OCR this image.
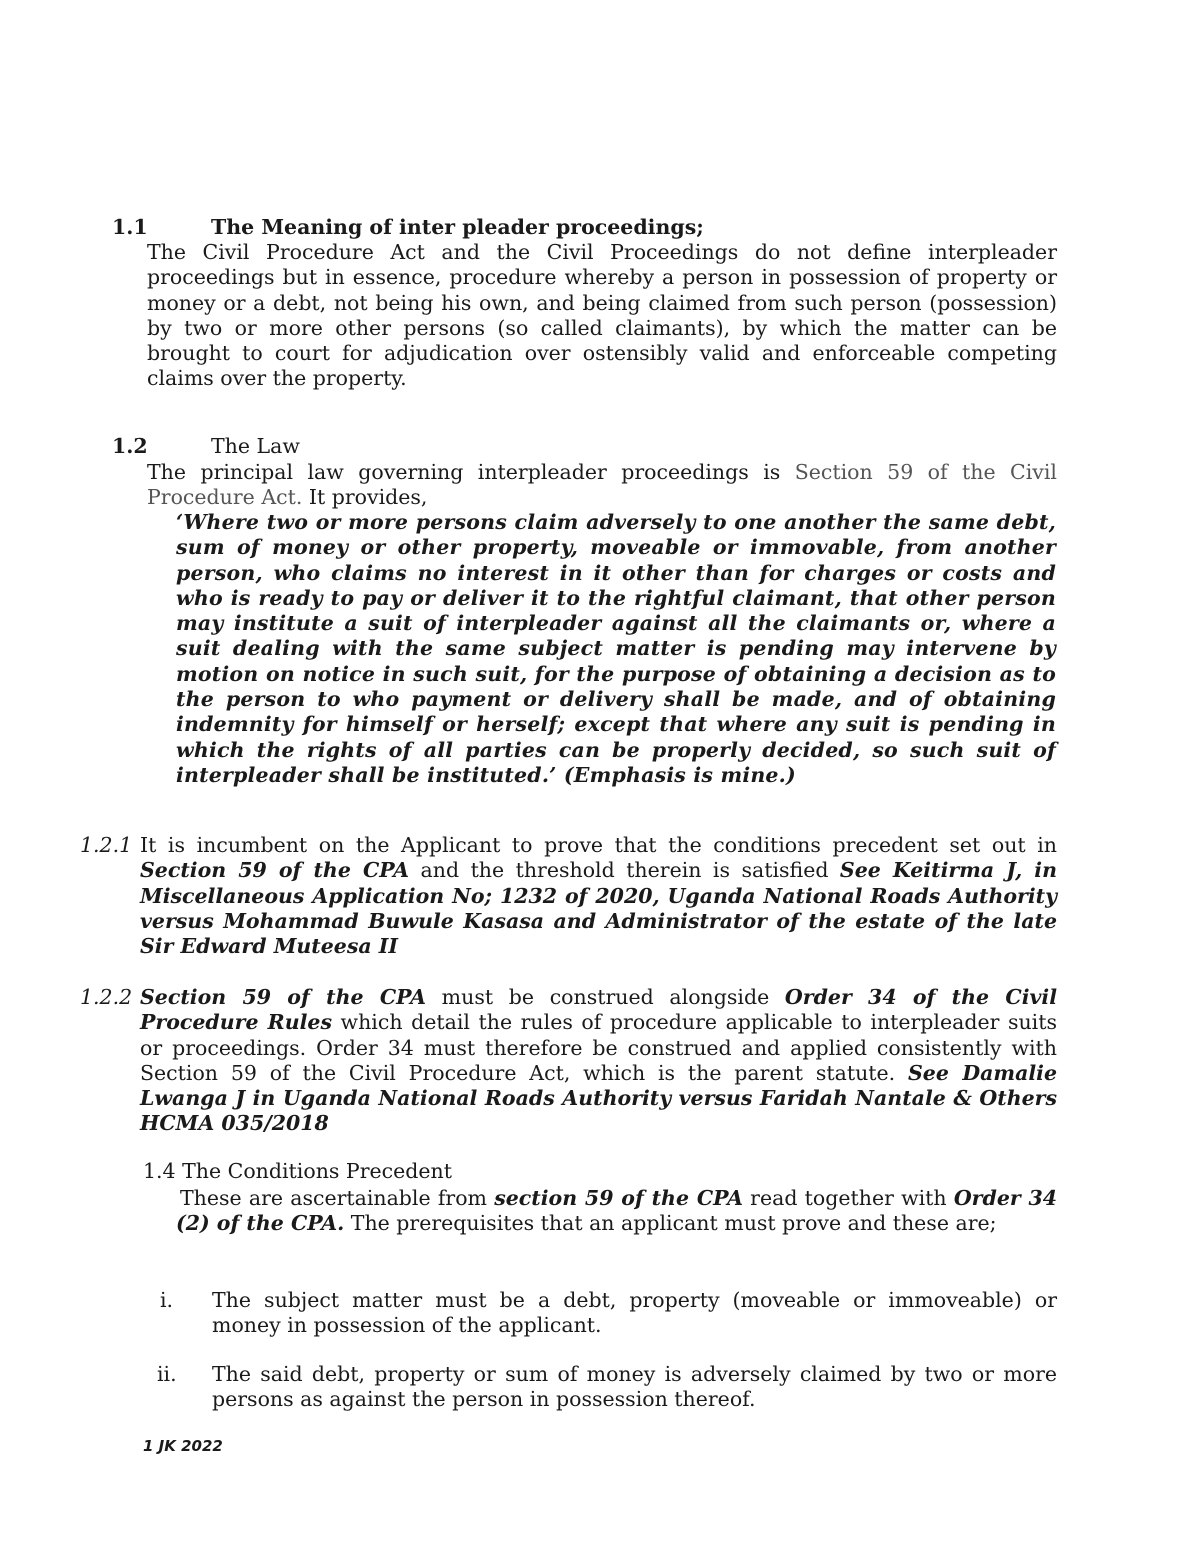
1.1	The Meaning of inter pleader proceedings;
The Civil Procedure Act and the Civil Proceedings do not define interpleader proceedings but in essence, procedure whereby a person in possession of property or money or a debt, not being his own, and being claimed from such person (possession) by two or more other persons (so called claimants), by which the matter can be brought to court for adjudication over ostensibly valid and enforceable competing claims over the property.
1.2	The Law
The principal law governing interpleader proceedings is Section 59 of the Civil Procedure Act. It provides,
‘Where two or more persons claim adversely to one another the same debt, sum of money or other property, moveable or immovable, from another person, who claims no interest in it other than for charges or costs and who is ready to pay or deliver it to the rightful claimant, that other person may institute a suit of interpleader against all the claimants or, where a suit dealing with the same subject matter is pending may intervene by motion on notice in such suit, for the purpose of obtaining a decision as to the person to who payment or delivery shall be made, and of obtaining indemnity for himself or herself; except that where any suit is pending in which the rights of all parties can be properly decided, so such suit of interpleader shall be instituted.’ (Emphasis is mine.)
1.2.1 It is incumbent on the Applicant to prove that the conditions precedent set out in Section 59 of the CPA and the threshold therein is satisfied See Keitirma J, in Miscellaneous Application No; 1232 of 2020, Uganda National Roads Authority versus Mohammad Buwule Kasasa and Administrator of the estate of the late Sir Edward Muteesa II
1.2.2 Section 59 of the CPA must be construed alongside Order 34 of the Civil Procedure Rules which detail the rules of procedure applicable to interpleader suits or proceedings. Order 34 must therefore be construed and applied consistently with Section 59 of the Civil Procedure Act, which is the parent statute. See Damalie Lwanga J in Uganda National Roads Authority versus Faridah Nantale & Others HCMA 035/2018
1.4 The Conditions Precedent
These are ascertainable from section 59 of the CPA read together with Order 34 (2) of the CPA. The prerequisites that an applicant must prove and these are;
i. The subject matter must be a debt, property (moveable or immoveable) or money in possession of the applicant.
ii. The said debt, property or sum of money is adversely claimed by two or more persons as against the person in possession thereof.
1 JK 2022
